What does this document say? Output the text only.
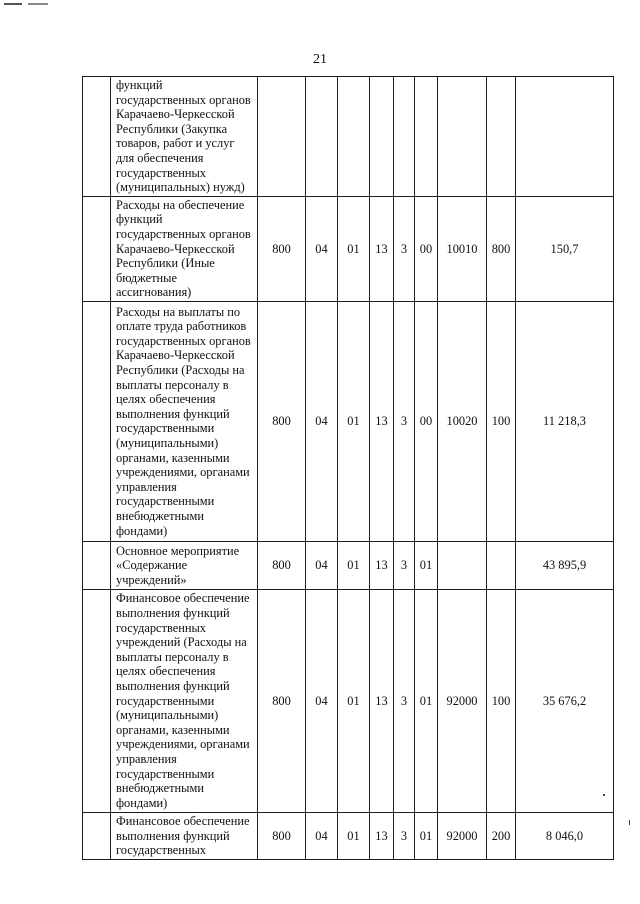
21
	функций государственных органов Карачаево-Черкесской Республики (Закупка товаров, работ и услуг для обеспечения государственных (муниципальных) нужд)									
	Расходы на обеспечение функций государственных органов Карачаево-Черкесской Республики (Иные бюджетные ассигнования)	800	04	01	13	3	00	10010	800	150,7
	Расходы на выплаты по оплате труда работников государственных органов Карачаево-Черкесской Республики (Расходы на выплаты персоналу в целях обеспечения выполнения функций государственными (муниципальными) органами, казенными учреждениями, органами управления государственными внебюджетными фондами)	800	04	01	13	3	00	10020	100	11 218,3
	Основное мероприятие «Содержание учреждений»	800	04	01	13	3	01			43 895,9
	Финансовое обеспечение выполнения функций государственных учреждений (Расходы на выплаты персоналу в целях обеспечения выполнения функций государственными (муниципальными) органами, казенными учреждениями, органами управления государственными внебюджетными фондами)	800	04	01	13	3	01	92000	100	35 676,2
	Финансовое обеспечение выполнения функций государственных	800	04	01	13	3	01	92000	200	8 046,0
